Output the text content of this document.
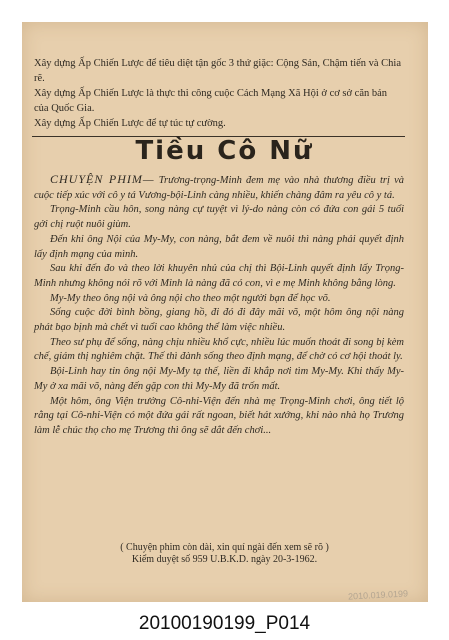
Xây dựng Ấp Chiến Lược để tiêu diệt tận gốc 3 thứ giặc: Cộng Sản, Chậm tiến và Chia rẽ.

Xây dựng Ấp Chiến Lược là thực thi công cuộc Cách Mạng Xã Hội ở cơ sở căn bản của Quốc Gia.

Xây dựng Ấp Chiến Lược để tự túc tự cường.

Tiều Cô Nữ

CHUYỆN PHIM— Trương-trọng-Minh đem mẹ vào nhà thương điều trị và cuộc tiếp xúc với cô y tá Vương-bội-Linh càng nhiều, khiến chàng đâm ra yêu cô y tá.

Trọng-Minh cầu hôn, song nàng cự tuyệt vì lý-do nàng còn có đứa con gái 5 tuổi gởi chị ruột nuôi giùm.

Đến khi ông Nội của My-My, con nàng, bắt đem về nuôi thì nàng phải quyết định lấy định mạng của mình.

Sau khi đến đo và theo lời khuyên nhủ của chị thì Bội-Linh quyết định lấy Trọng-Minh nhưng không nói rõ với Minh là nàng đã có con, vì e mẹ Minh không bằng lòng.

My-My theo ông nội và ông nội cho theo một người bạn để học võ.

Sống cuộc đời bình bồng, giang hồ, đi đó đi đây mãi võ, một hôm ông nội nàng phát bạo bịnh mà chết vì tuổi cao không thể làm việc nhiều.

Theo sư phụ để sống, nàng chịu nhiều khổ cực, nhiều lúc muốn thoát đi song bị kèm chế, giám thị nghiêm chặt. Thế thì đành sống theo định mạng, để chờ có cơ hội thoát ly.

Bội-Linh hay tin ông nội My-My tạ thế, liền đi khắp nơi tìm My-My. Khi thấy My-My ở xa mãi võ, nàng đến gặp con thì My-My đã trốn mất.

Một hôm, ông Viện trưởng Cô-nhi-Viện đến nhà mẹ Trọng-Minh chơi, ông tiết lộ rằng tại Cô-nhi-Viện có một đứa gái rất ngoan, biết hát xướng, khi nào nhà họ Trương làm lễ chúc thọ cho mẹ Trương thì ông sẽ dắt đến chơi...

( Chuyện phim còn dài, xin quí ngài đến xem sẽ rõ )
Kiểm duyệt số 959 U.B.K.D. ngày 20-3-1962.
2010.019.0199
20100190199_P014
